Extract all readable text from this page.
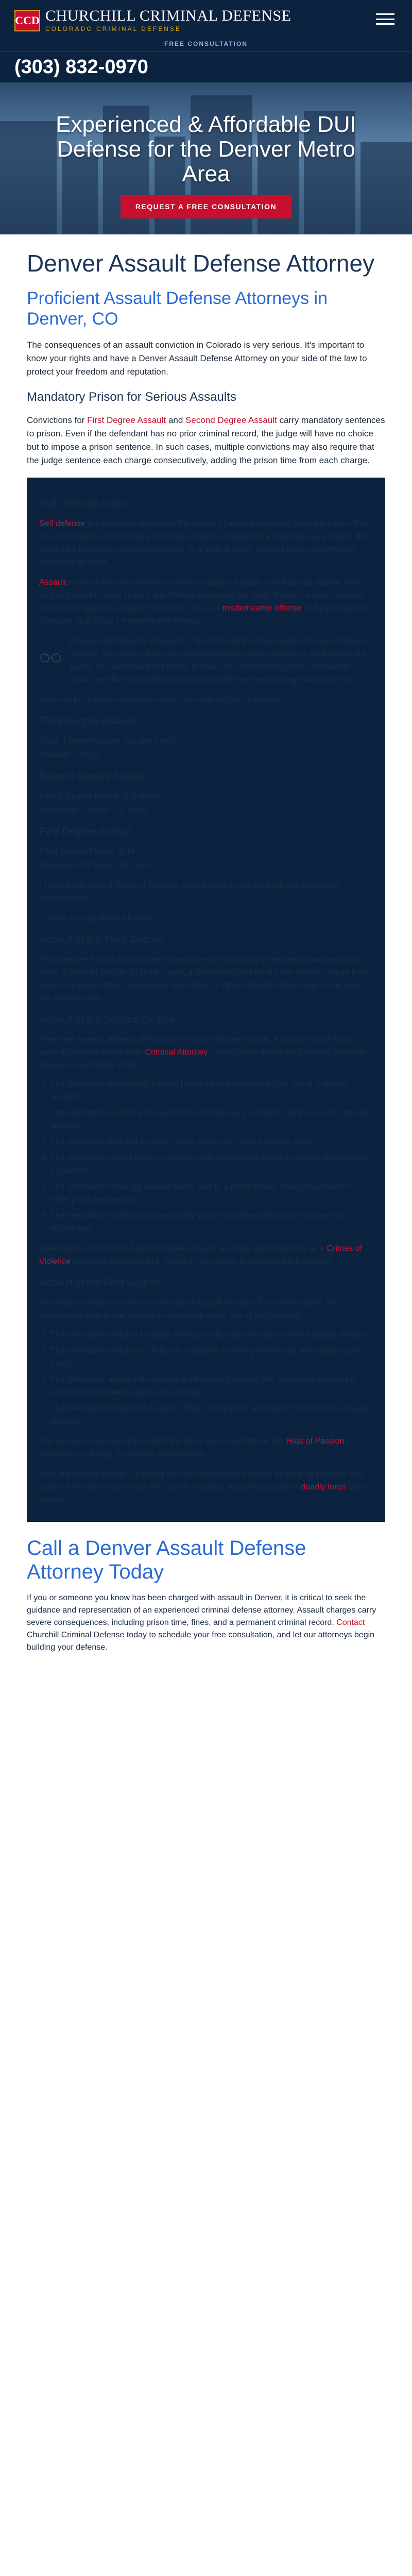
CCD CHURCHILL CRIMINAL DEFENSE
COLORADO CRIMINAL DEFENSE
FREE CONSULTATION
(303) 832-0970
Experienced & Affordable DUI Defense for the Denver Metro Area
REQUEST A FREE CONSULTATION
Denver Assault Defense Attorney
Proficient Assault Defense Attorneys in Denver, CO

The consequences of an assault conviction in Colorado is very serious. It's important to know your rights and have a Denver Assault Defense Attorney on your side of the law to protect your freedom and reputation.

Mandatory Prison for Serious Assaults

Convictions for First Degree Assault and Second Degree Assault carry mandatory sentences to prison. Even if the defendant has no prior criminal record, the judge will have no choice but to impose a prison sentence. In such cases, multiple convictions may also require that the judge sentence each charge consecutively, adding the prison time from each charge.

Self Defense Claim
Self defense is a complete defense in the middle of assault situations for many cases. Even if a circumstance confronting a Colorado citizen is considered a physically very violent, the defendant frequently during the incident, or a violent action must be taken self-defense should be an issue.
Assault is one of the most common criminal charges. Assault is charged as degree, first-degree being the most serious and third-degree being the least. Below is a brief overview of the three types of assault in Colorado. This is a misdemeanor offense and punishable in Colorado as a Class 1 misdemeanor charge.
Degrees of Assault in Colorado. If the defendant is found guilty of Second Degree Assault, the charge alone may carry mandatory prison sentences of at least eight years. The prosecutor still needs to prove the elements beyond a reasonable doubt, and the judge will decide based on the sentencing range within the law.
Here are the possible sentence ranges for each degree of assault:
Third Degree Assault
Class 1 Misdemeanor: Jail and Fines
Possible 2 Years
Second Degree Assault
Fourth Degree Felony: 2-6 Years
Mandatory 5 Years - 16 Years
First Degree Assault
Third Degree Felony: 5-16
Mandatory 10 Years - 32 Years
* Unless one uses a Crime of Passion, violent crime or the conviction is sentenced consecutively.
** If the act was Heat of Passion
Assault in the Third Degree
Third Degree Assault is committed when a person knowingly or recklessly causes bodily injury to another person. In some cases, a defendant can face a more serious charge if the victim is a police officer, emergency responder, or other protected class, which may raise this offense level.
Assault in the Second Degree
There are several different definitions of second degree assault. A person will be found guilty if it can be shown their Criminal Attorney cannot prove any of the following elements beyond a reasonable doubt:
1. The defendant intentionally caused bodily injury to another by the use of a deadly weapon.
2. The defendant recklessly caused serious bodily injury to another by the use of a deadly weapon.
3. The defendant intended to cause bodily injury and caused serious injury.
4. The defendant caused injury to anyone while intentionally trying to prevent the arrest of a suspect.
5. The defendant knowingly applied bodily fluid to a police officer, emergency worker or other protected person.
6. The defendant recklessly caused bodily injury to another without their consent or knowledge.
Defendants convicted of Second Degree Assault also face additional time as a Crimes of Violence sentence enhancement, meaning the penalty is substantially increased.
Assault in the First Degree
First Degree Assault is the most serious of assault charges. To be found guilty, the prosecution must prove beyond a reasonable doubt one of the following:
• The defendant intended to cause serious bodily injury and did so with a deadly weapon.
• The defendant intended to disfigure or disable another permanently and caused such injury.
• The defendant, acting with extreme indifference to human life, knowingly engaged in conduct that created a grave risk of death.
• The defendant threatened a peace officer, firefighter or emergency worker with a deadly weapon.
The sentence can vary drastically if the crime was committed in the Heat of Passion, sometimes reducing the penalty considerably.
With any assault charge, speaking with an experienced attorney as early as possible can make all the difference in how the case is resolved, including whether a deadly force claim applies.
Call a Denver Assault Defense Attorney Today

If you or someone you know has been charged with assault in Denver, it is critical to seek the guidance and representation of an experienced criminal defense attorney. Assault charges carry severe consequences, including prison time, fines, and a permanent criminal record. Contact Churchill Criminal Defense today to schedule your free consultation, and let our attorneys begin building your defense.
